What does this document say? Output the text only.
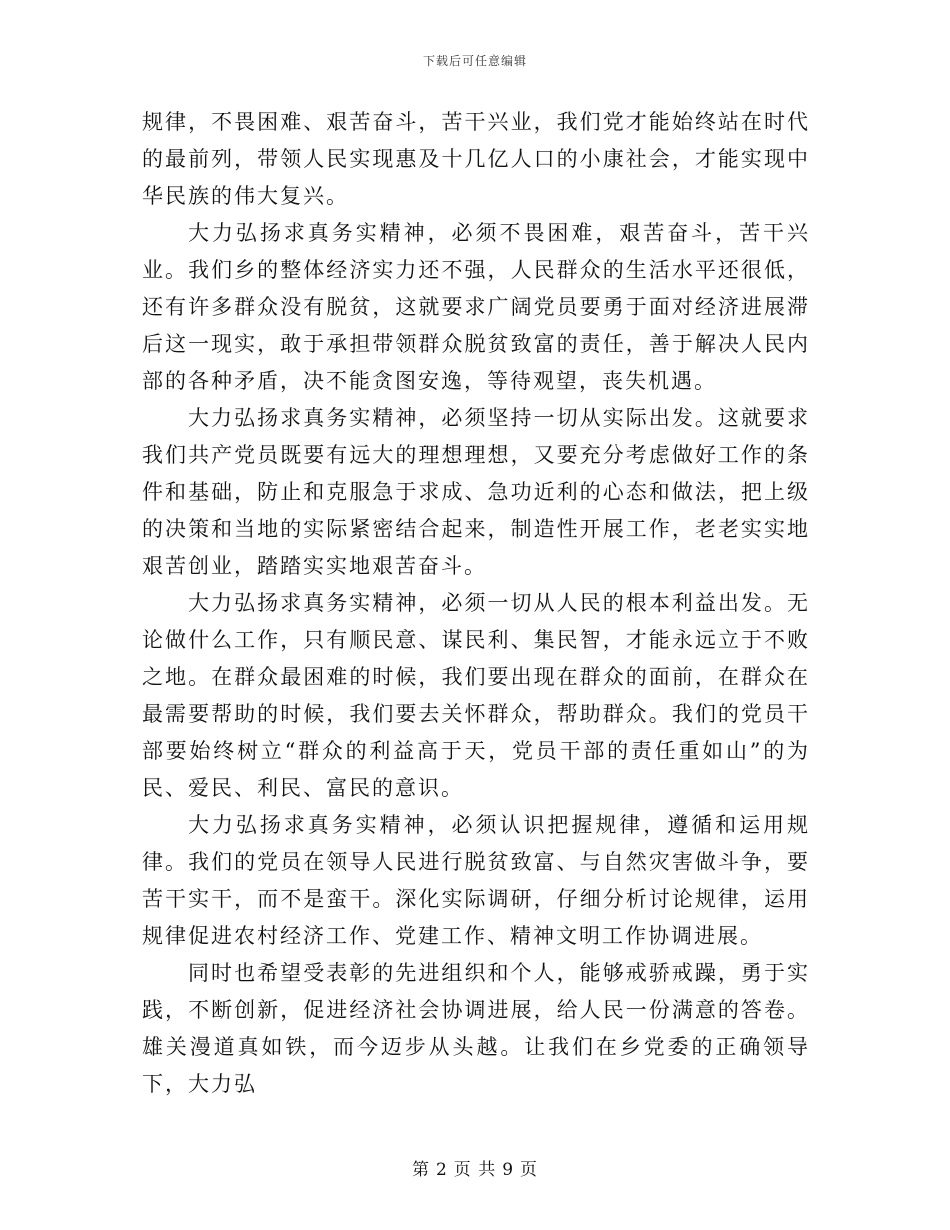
下载后可任意编辑

规律，不畏困难、艰苦奋斗，苦干兴业，我们党才能始终站在时代的最前列，带领人民实现惠及十几亿人口的小康社会，才能实现中华民族的伟大复兴。

大力弘扬求真务实精神，必须不畏困难，艰苦奋斗，苦干兴业。我们乡的整体经济实力还不强，人民群众的生活水平还很低，还有许多群众没有脱贫，这就要求广阔党员要勇于面对经济进展滞后这一现实，敢于承担带领群众脱贫致富的责任，善于解决人民内部的各种矛盾，决不能贪图安逸，等待观望，丧失机遇。

大力弘扬求真务实精神，必须坚持一切从实际出发。这就要求我们共产党员既要有远大的理想理想，又要充分考虑做好工作的条件和基础，防止和克服急于求成、急功近利的心态和做法，把上级的决策和当地的实际紧密结合起来，制造性开展工作，老老实实地艰苦创业，踏踏实实地艰苦奋斗。

大力弘扬求真务实精神，必须一切从人民的根本利益出发。无论做什么工作，只有顺民意、谋民利、集民智，才能永远立于不败之地。在群众最困难的时候，我们要出现在群众的面前，在群众在最需要帮助的时候，我们要去关怀群众，帮助群众。我们的党员干部要始终树立“群众的利益高于天，党员干部的责任重如山”的为民、爱民、利民、富民的意识。

大力弘扬求真务实精神，必须认识把握规律，遵循和运用规律。我们的党员在领导人民进行脱贫致富、与自然灾害做斗争，要苦干实干，而不是蛮干。深化实际调研，仔细分析讨论规律，运用规律促进农村经济工作、党建工作、精神文明工作协调进展。

同时也希望受表彰的先进组织和个人，能够戒骄戒躁，勇于实践，不断创新，促进经济社会协调进展，给人民一份满意的答卷。雄关漫道真如铁，而今迈步从头越。让我们在乡党委的正确领导下，大力弘

第 2 页 共 9 页
